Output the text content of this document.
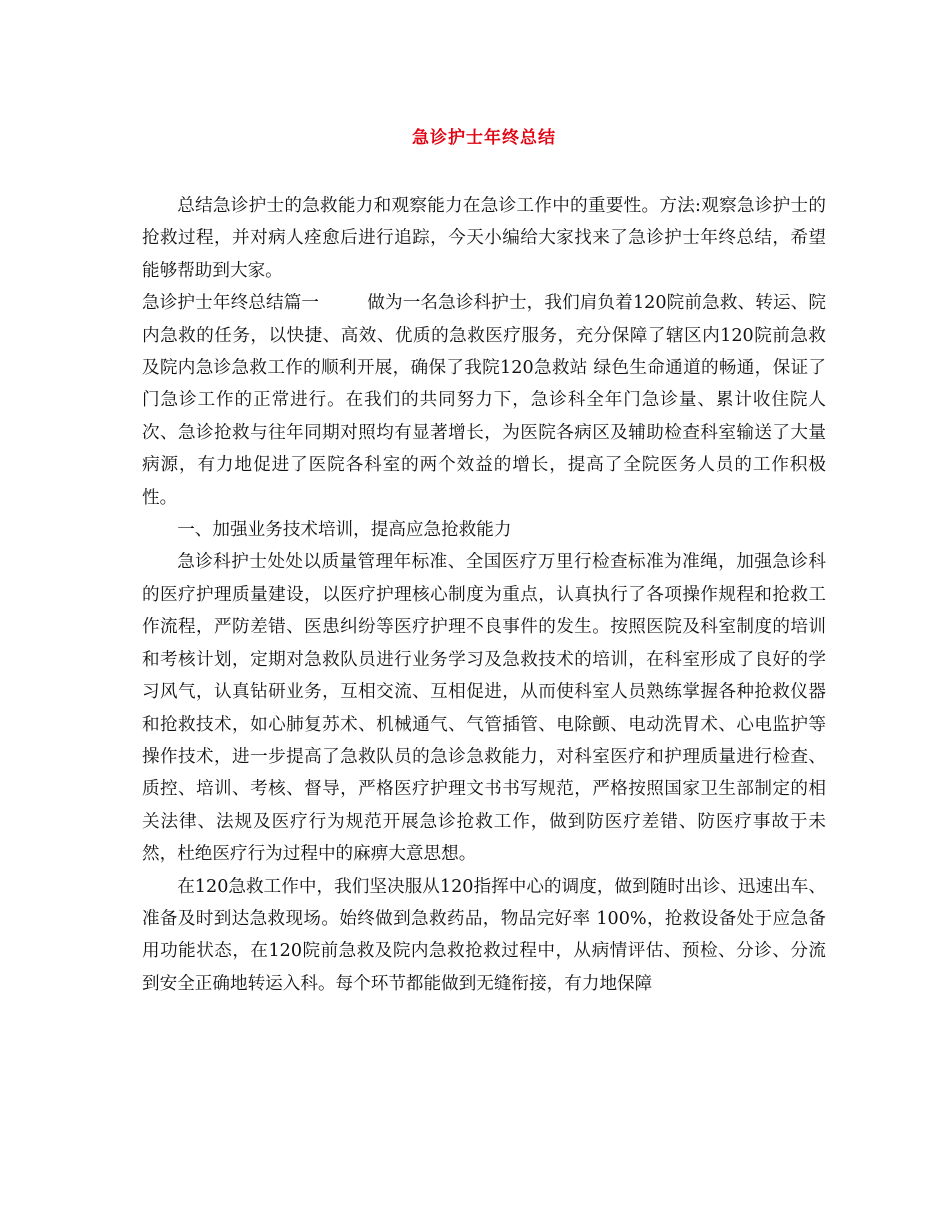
急诊护士年终总结

总结急诊护士的急救能力和观察能力在急诊工作中的重要性。方法:观察急诊护士的抢救过程，并对病人痊愈后进行追踪，今天小编给大家找来了急诊护士年终总结，希望能够帮助到大家。

急诊护士年终总结篇一	做为一名急诊科护士，我们肩负着120院前急救、转运、院内急救的任务，以快捷、高效、优质的急救医疗服务，充分保障了辖区内120院前急救及院内急诊急救工作的顺利开展，确保了我院120急救站 绿色生命通道的畅通，保证了门急诊工作的正常进行。在我们的共同努力下，急诊科全年门急诊量、累计收住院人次、急诊抢救与往年同期对照均有显著增长，为医院各病区及辅助检查科室输送了大量病源，有力地促进了医院各科室的两个效益的增长，提高了全院医务人员的工作积极性。

一、加强业务技术培训，提高应急抢救能力

急诊科护士处处以质量管理年标准、全国医疗万里行检查标准为准绳，加强急诊科的医疗护理质量建设，以医疗护理核心制度为重点，认真执行了各项操作规程和抢救工作流程，严防差错、医患纠纷等医疗护理不良事件的发生。按照医院及科室制度的培训和考核计划，定期对急救队员进行业务学习及急救技术的培训，在科室形成了良好的学习风气，认真钻研业务，互相交流、互相促进，从而使科室人员熟练掌握各种抢救仪器和抢救技术，如心肺复苏术、机械通气、气管插管、电除颤、电动洗胃术、心电监护等操作技术，进一步提高了急救队员的急诊急救能力，对科室医疗和护理质量进行检查、质控、培训、考核、督导，严格医疗护理文书书写规范，严格按照国家卫生部制定的相关法律、法规及医疗行为规范开展急诊抢救工作，做到防医疗差错、防医疗事故于未然，杜绝医疗行为过程中的麻痹大意思想。

在120急救工作中，我们坚决服从120指挥中心的调度，做到随时出诊、迅速出车、准备及时到达急救现场。始终做到急救药品，物品完好率 100%，抢救设备处于应急备用功能状态，在120院前急救及院内急救抢救过程中，从病情评估、预检、分诊、分流到安全正确地转运入科。每个环节都能做到无缝衔接，有力地保障
